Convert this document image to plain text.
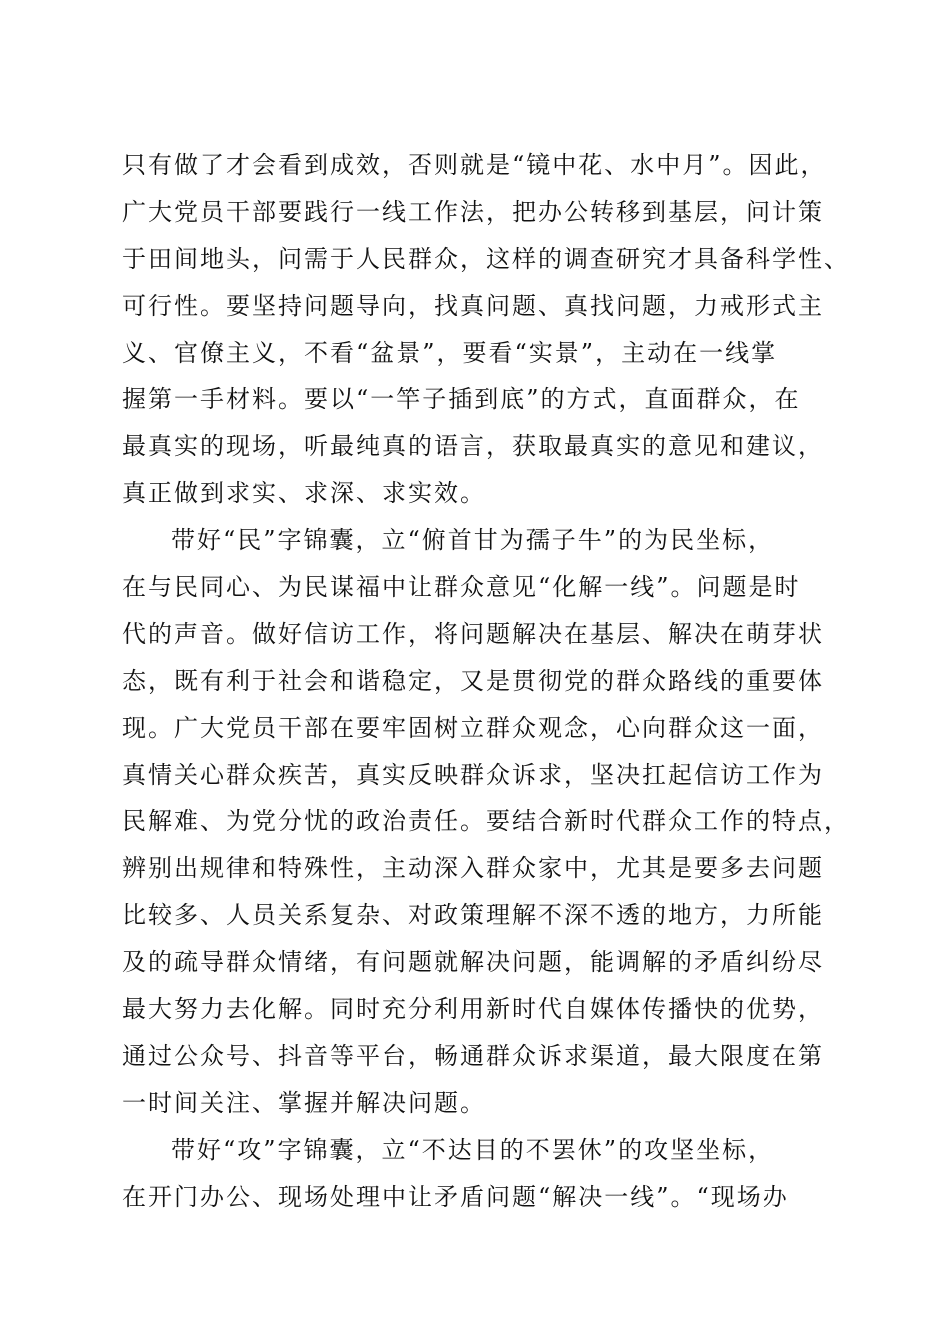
只有做了才会看到成效，否则就是“镜中花、水中月”。因此，
广大党员干部要践行一线工作法，把办公转移到基层，问计策
于田间地头，问需于人民群众，这样的调查研究才具备科学性、
可行性。要坚持问题导向，找真问题、真找问题，力戒形式主
义、官僚主义，不看“盆景”，要看“实景”，主动在一线掌
握第一手材料。要以“一竿子插到底”的方式，直面群众，在
最真实的现场，听最纯真的语言，获取最真实的意见和建议，
真正做到求实、求深、求实效。
带好“民”字锦囊，立“俯首甘为孺子牛”的为民坐标，
在与民同心、为民谋福中让群众意见“化解一线”。问题是时
代的声音。做好信访工作，将问题解决在基层、解决在萌芽状
态，既有利于社会和谐稳定，又是贯彻党的群众路线的重要体
现。广大党员干部在要牢固树立群众观念，心向群众这一面，
真情关心群众疾苦，真实反映群众诉求，坚决扛起信访工作为
民解难、为党分忧的政治责任。要结合新时代群众工作的特点，
辨别出规律和特殊性，主动深入群众家中，尤其是要多去问题
比较多、人员关系复杂、对政策理解不深不透的地方，力所能
及的疏导群众情绪，有问题就解决问题，能调解的矛盾纠纷尽
最大努力去化解。同时充分利用新时代自媒体传播快的优势，
通过公众号、抖音等平台，畅通群众诉求渠道，最大限度在第
一时间关注、掌握并解决问题。
带好“攻”字锦囊，立“不达目的不罢休”的攻坚坐标，
在开门办公、现场处理中让矛盾问题“解决一线”。“现场办
